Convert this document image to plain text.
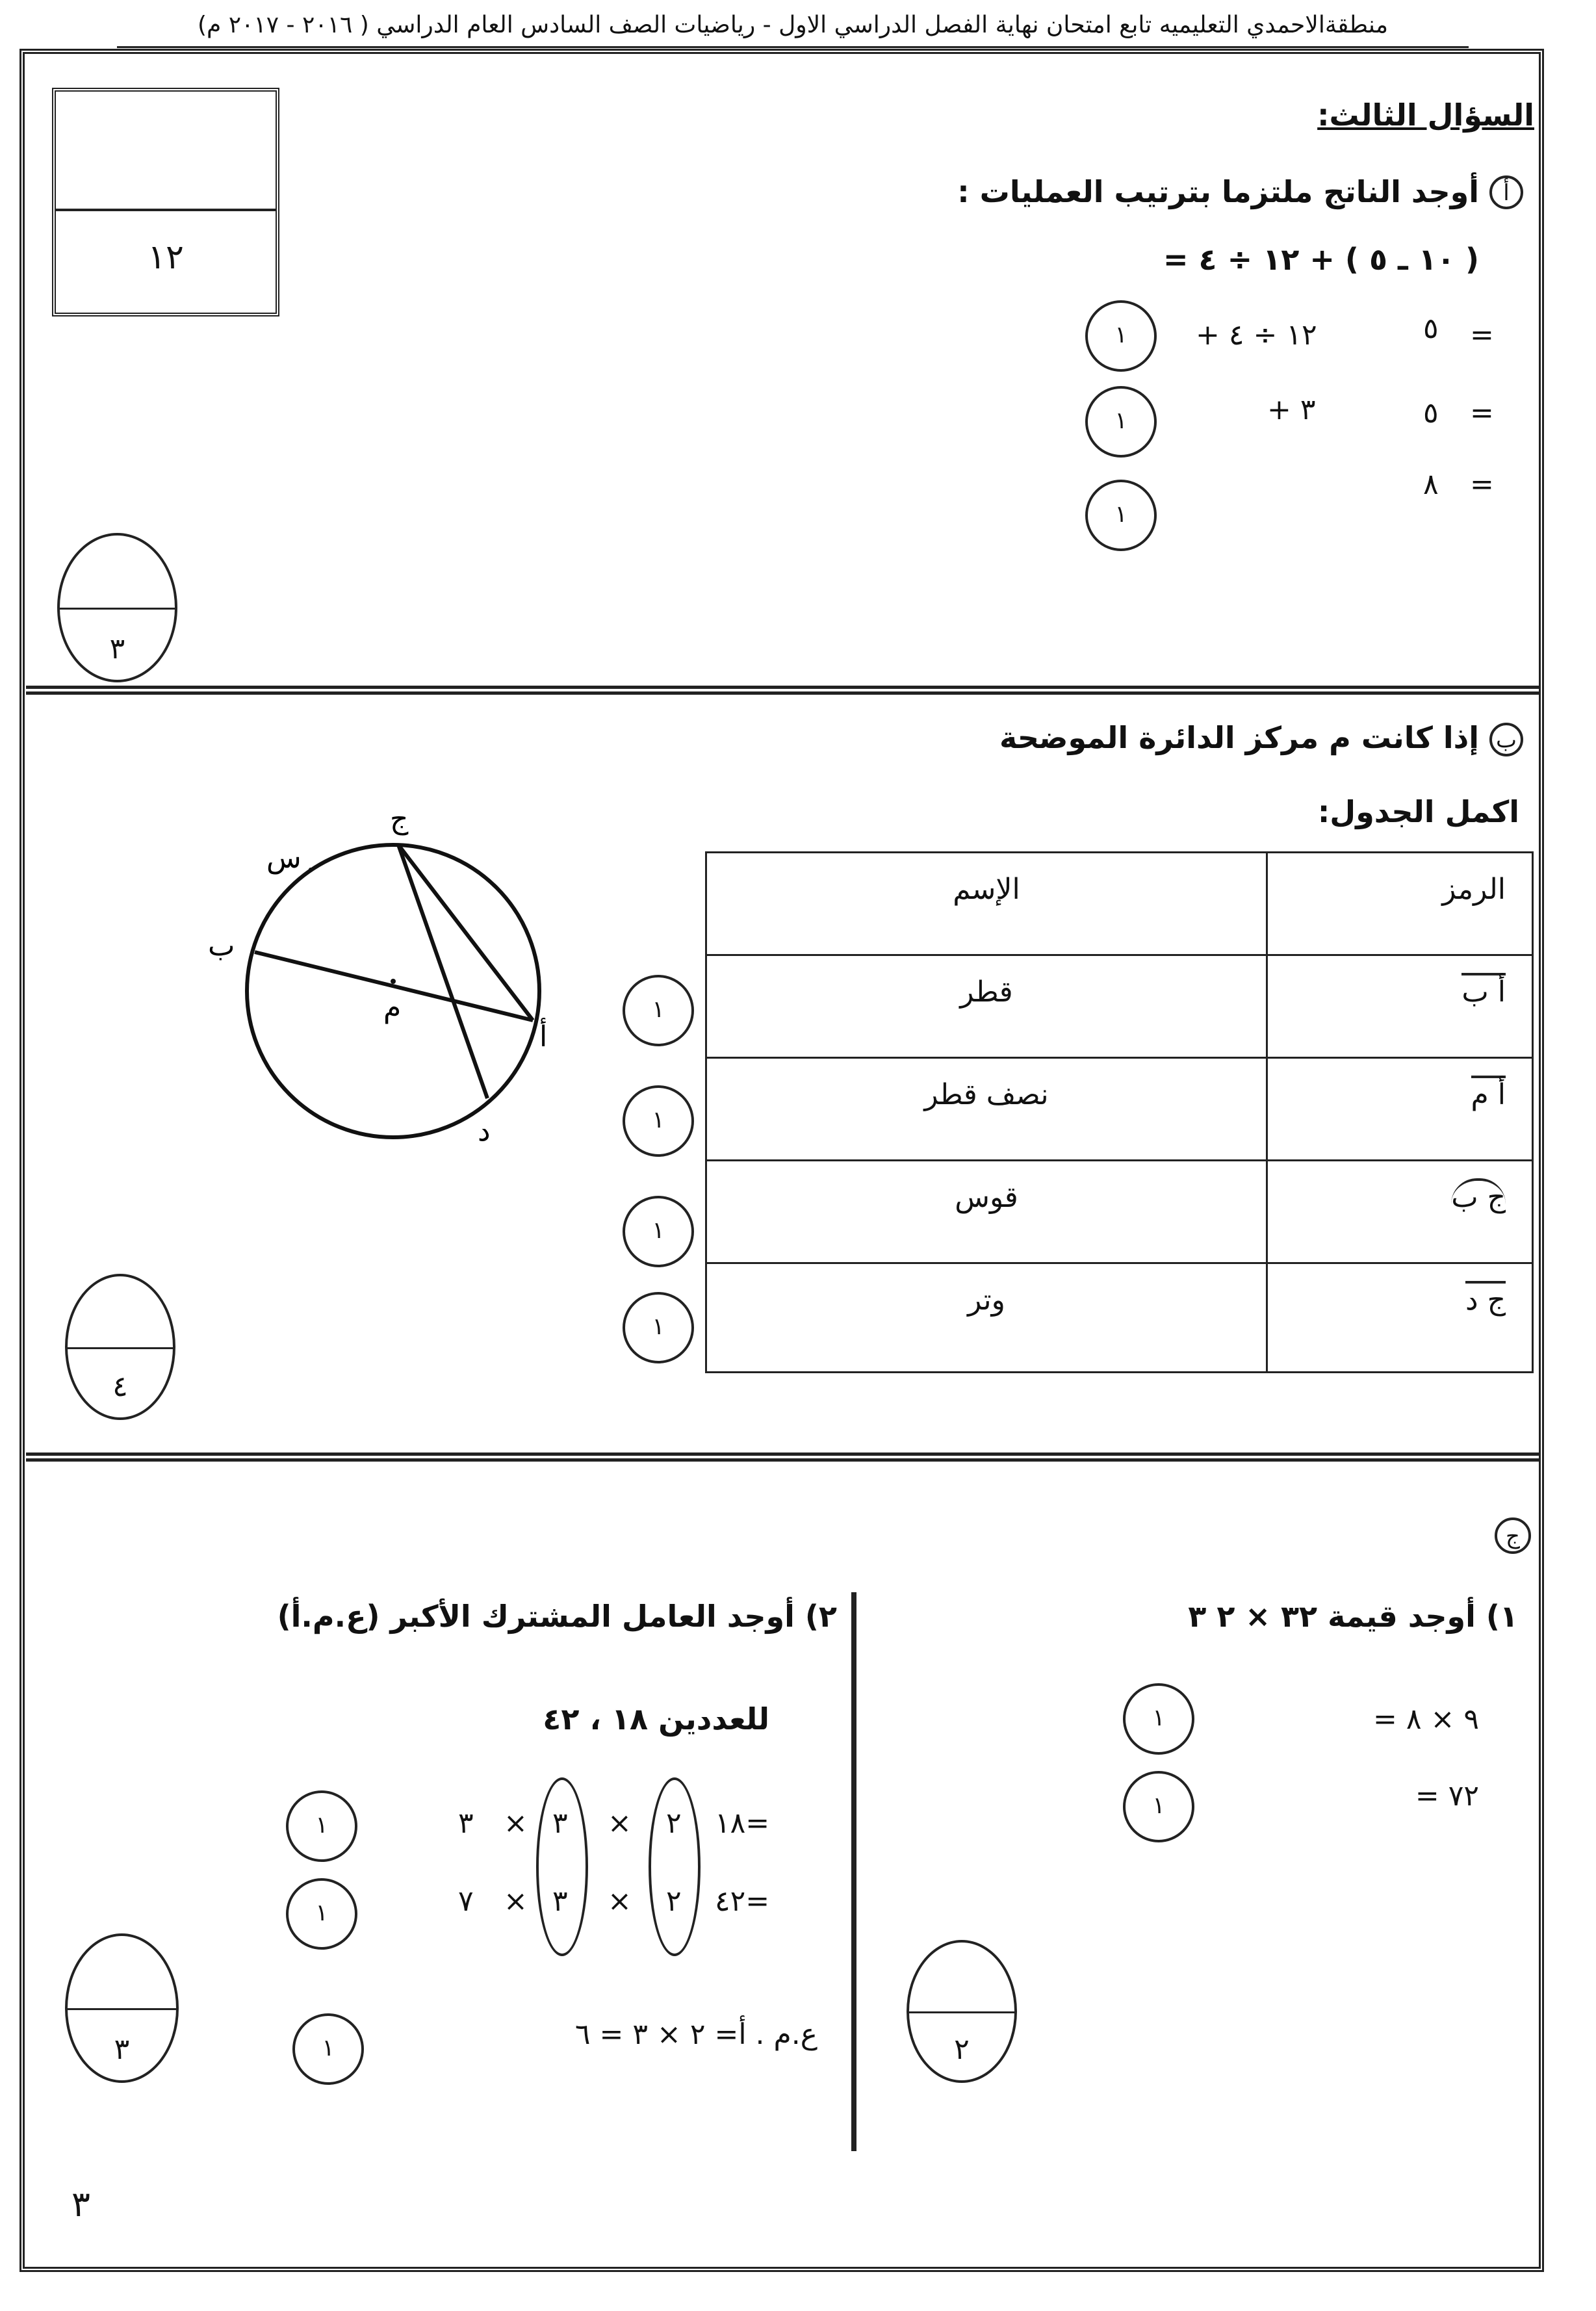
منطقةالاحمدي التعليميه تابع امتحان نهاية الفصل الدراسي الاول - رياضيات الصف السادس العام الدراسي ( ٢٠١٦ - ٢٠١٧ م)
١٢
السؤال الثالث:
أ
أوجد الناتج ملتزما بترتيب العمليات :
( ١٠ ـ ٥ ) + ١٢ ÷ ٤ =
=
٥
+ ١٢ ÷ ٤
١
=
٥
+ ٣
١
=
٨
١
٣
ب
إذا كانت م مركز الدائرة الموضحة
اكمل الجدول:
الرمز	الإسم
أ ب	قطر
أ م	نصف قطر
ج ب	قوس
ج د	وتر
١
١
١
١
ج
س
ب
م
أ
د
٤
ج
١) أوجد قيمة ٣٢ × ٢ ٣
= ٩ × ٨
= ٧٢
١
١
٢
٢) أوجد العامل المشترك الأكبر (ع.م.أ)
للعددين ١٨ ، ٤٢
١٨=
٢
×
٣
×
٣
٤٢=
٢
×
٣
×
٧
ع.م . أ= ٢ × ٣ = ٦
١
١
١
٣
٣
